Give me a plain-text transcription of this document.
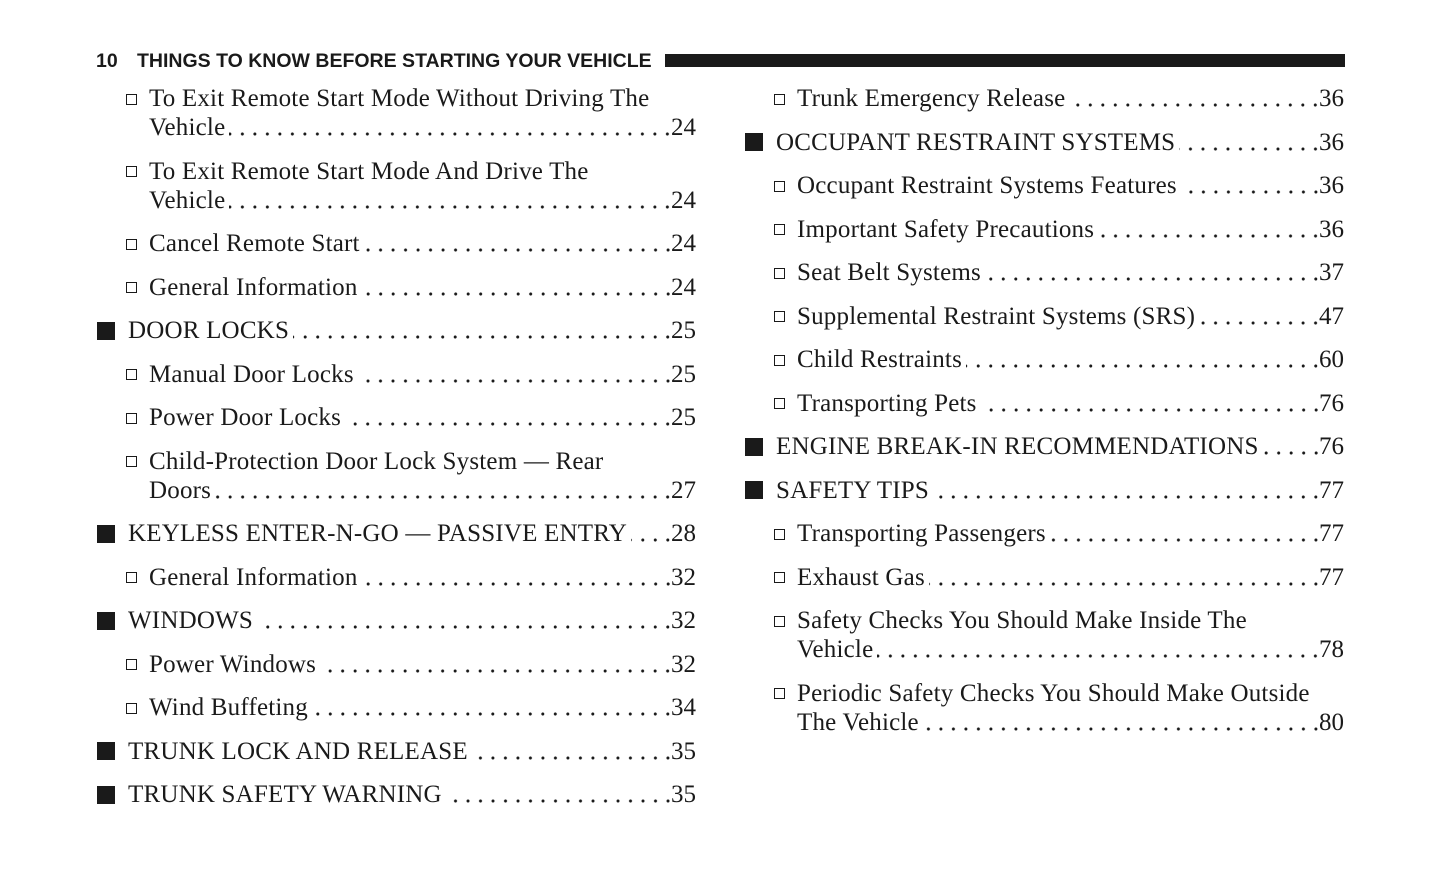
10 THINGS TO KNOW BEFORE STARTING YOUR VEHICLE
To Exit Remote Start Mode Without Driving The
Vehicle	24
To Exit Remote Start Mode And Drive The
Vehicle	24
Cancel Remote Start	24
General Information	24
DOOR LOCKS	25
Manual Door Locks	25
Power Door Locks	25
Child-Protection Door Lock System — Rear
Doors	27
KEYLESS ENTER-N-GO — PASSIVE ENTRY 28
General Information	32
WINDOWS	32
Power Windows	32
Wind Buffeting	34
TRUNK LOCK AND RELEASE	35
TRUNK SAFETY WARNING	35
Trunk Emergency Release	36
OCCUPANT RESTRAINT SYSTEMS	36
Occupant Restraint Systems Features	36
Important Safety Precautions	36
Seat Belt Systems	37
Supplemental Restraint Systems (SRS)	47
Child Restraints	60
Transporting Pets	76
ENGINE BREAK-IN RECOMMENDATIONS 76
SAFETY TIPS	77
Transporting Passengers	77
Exhaust Gas	77
Safety Checks You Should Make Inside The
Vehicle	78
Periodic Safety Checks You Should Make Outside
The Vehicle	80
